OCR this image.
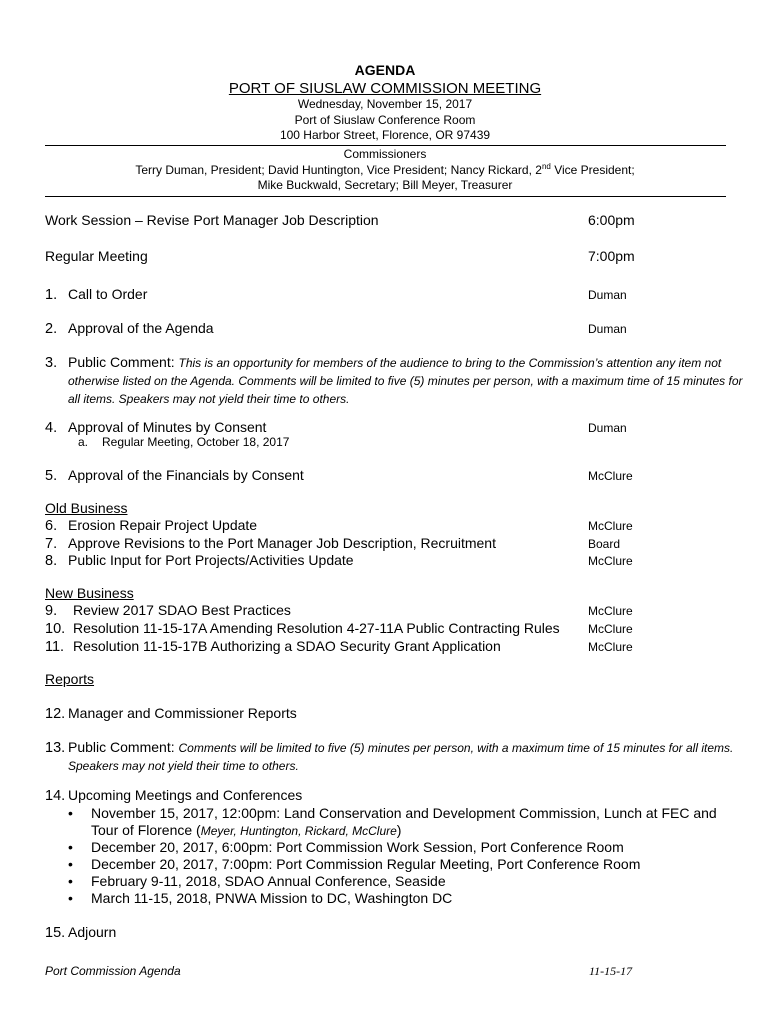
AGENDA
PORT OF SIUSLAW COMMISSION MEETING
Wednesday, November 15, 2017
Port of Siuslaw Conference Room
100 Harbor Street, Florence, OR 97439
Commissioners
Terry Duman, President; David Huntington, Vice President; Nancy Rickard, 2nd Vice President;
Mike Buckwald, Secretary; Bill Meyer, Treasurer
Work Session – Revise Port Manager Job Description	6:00pm
Regular Meeting	7:00pm
1. Call to Order	Duman
2. Approval of the Agenda	Duman
3. Public Comment: This is an opportunity for members of the audience to bring to the Commission’s attention any item not otherwise listed on the Agenda. Comments will be limited to five (5) minutes per person, with a maximum time of 15 minutes for all items. Speakers may not yield their time to others.
4. Approval of Minutes by Consent	Duman
a. Regular Meeting, October 18, 2017
5. Approval of the Financials by Consent	McClure
Old Business
6. Erosion Repair Project Update	McClure
7. Approve Revisions to the Port Manager Job Description, Recruitment	Board
8. Public Input for Port Projects/Activities Update	McClure
New Business
9. Review 2017 SDAO Best Practices	McClure
10. Resolution 11-15-17A Amending Resolution 4-27-11A Public Contracting Rules McClure
11. Resolution 11-15-17B Authorizing a SDAO Security Grant Application	McClure
Reports
12. Manager and Commissioner Reports
13. Public Comment: Comments will be limited to five (5) minutes per person, with a maximum time of 15 minutes for all items. Speakers may not yield their time to others.
14. Upcoming Meetings and Conferences
• November 15, 2017, 12:00pm: Land Conservation and Development Commission, Lunch at FEC and
Tour of Florence (Meyer, Huntington, Rickard, McClure)
• December 20, 2017, 6:00pm: Port Commission Work Session, Port Conference Room
• December 20, 2017, 7:00pm: Port Commission Regular Meeting, Port Conference Room
• February 9-11, 2018, SDAO Annual Conference, Seaside
• March 11-15, 2018, PNWA Mission to DC, Washington DC
15. Adjourn
Port Commission Agenda	11-15-17
